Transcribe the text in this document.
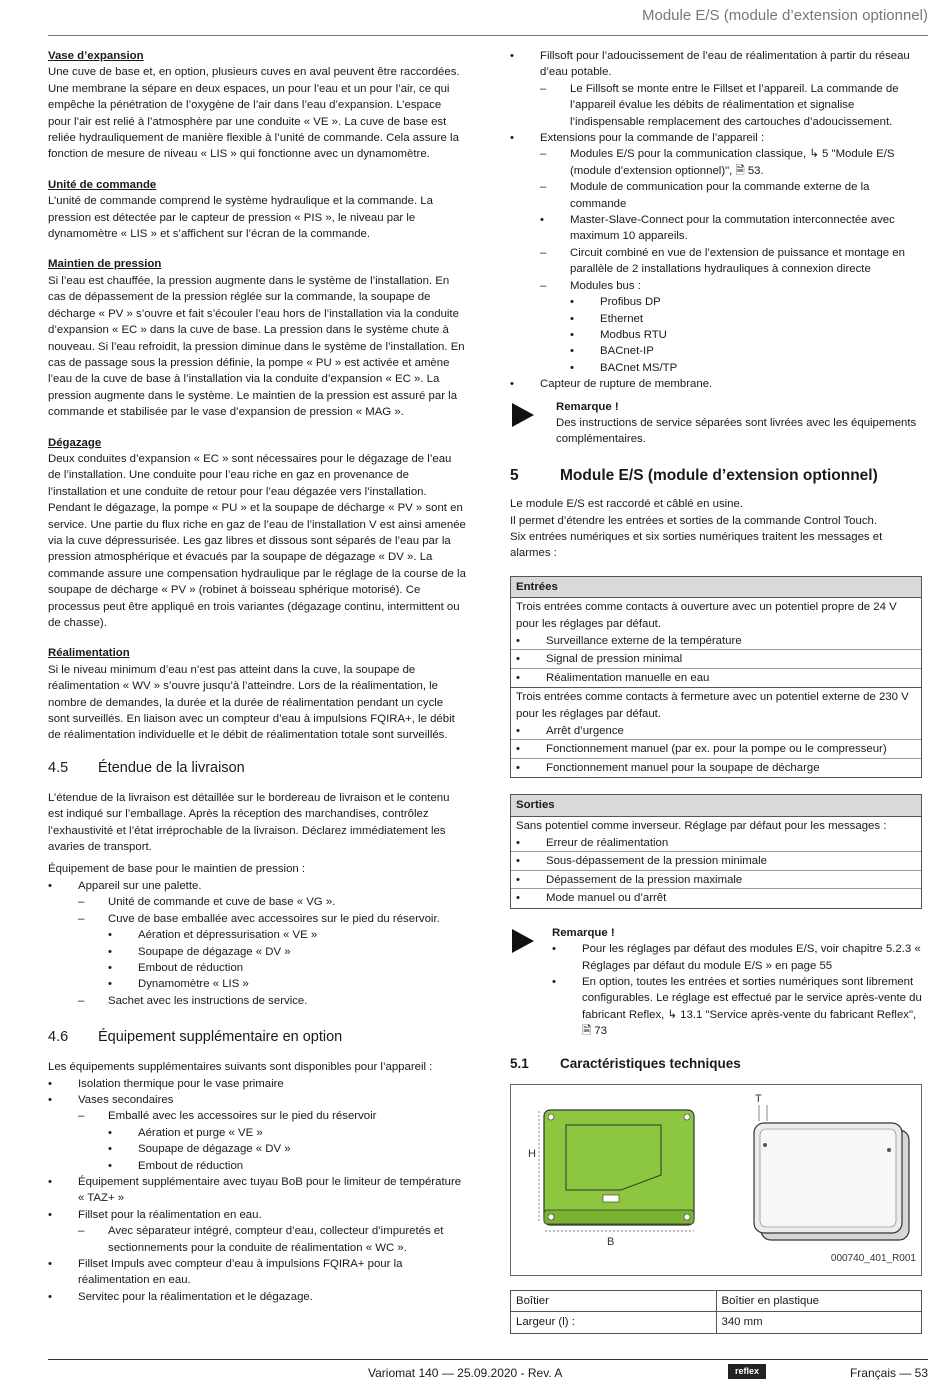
Module E/S (module d’extension optionnel)
Vase d’expansion
Une cuve de base et, en option, plusieurs cuves en aval peuvent être raccordées. Une membrane la sépare en deux espaces, un pour l’eau et un pour l’air, ce qui empêche la pénétration de l’oxygène de l’air dans l’eau d’expansion. L’espace pour l’air est relié à l’atmosphère par une conduite « VE ». La cuve de base est reliée hydrauliquement de manière flexible à l’unité de commande. Cela assure la fonction de mesure de niveau « LIS » qui fonctionne avec un dynamomètre.
Unité de commande
L’unité de commande comprend le système hydraulique et la commande. La pression est détectée par le capteur de pression « PIS », le niveau par le dynamomètre « LIS » et s’affichent sur l’écran de la commande.
Maintien de pression
Si l’eau est chauffée, la pression augmente dans le système de l’installation. En cas de dépassement de la pression réglée sur la commande, la soupape de décharge « PV » s’ouvre et fait s’écouler l’eau hors de l’installation via la conduite d’expansion « EC » dans la cuve de base. La pression dans le système chute à nouveau. Si l’eau refroidit, la pression diminue dans le système de l’installation. En cas de passage sous la pression définie, la pompe « PU » est activée et amène l’eau de la cuve de base à l’installation via la conduite d’expansion « EC ». La pression augmente dans le système. Le maintien de la pression est assuré par la commande et stabilisée par le vase d’expansion de pression « MAG ».
Dégazage
Deux conduites d’expansion « EC » sont nécessaires pour le dégazage de l’eau de l’installation. Une conduite pour l’eau riche en gaz en provenance de l’installation et une conduite de retour pour l’eau dégazée vers l’installation. Pendant le dégazage, la pompe « PU » et la soupape de décharge « PV » sont en service. Une partie du flux riche en gaz de l’eau de l’installation V est ainsi amenée via la cuve dépressurisée. Les gaz libres et dissous sont séparés de l’eau par la pression atmosphérique et évacués par la soupape de dégazage « DV ». La commande assure une compensation hydraulique par le réglage de la course de la soupape de décharge « PV » (robinet à boisseau sphérique motorisé). Ce processus peut être appliqué en trois variantes (dégazage continu, intermittent ou de chasse).
Réalimentation
Si le niveau minimum d’eau n’est pas atteint dans la cuve, la soupape de réalimentation « WV » s’ouvre jusqu’à l’atteindre. Lors de la réalimentation, le nombre de demandes, la durée et la durée de réalimentation pendant un cycle sont surveillés. En liaison avec un compteur d’eau à impulsions FQIRA+, le débit de réalimentation individuelle et le débit de réalimentation totale sont surveillés.
4.5	Étendue de la livraison
L’étendue de la livraison est détaillée sur le bordereau de livraison et le contenu est indiqué sur l’emballage. Après la réception des marchandises, contrôlez l’exhaustivité et l’état irréprochable de la livraison. Déclarez immédiatement les avaries de transport.
Équipement de base pour le maintien de pression :
• Appareil sur une palette.
– Unité de commande et cuve de base « VG ».
– Cuve de base emballée avec accessoires sur le pied du réservoir.
• Aération et dépressurisation « VE »
• Soupape de dégazage « DV »
• Embout de réduction
• Dynamomètre « LIS »
– Sachet avec les instructions de service.
4.6	Équipement supplémentaire en option
Les équipements supplémentaires suivants sont disponibles pour l’appareil :
• Isolation thermique pour le vase primaire
• Vases secondaires
– Emballé avec les accessoires sur le pied du réservoir
• Aération et purge « VE »
• Soupape de dégazage « DV »
• Embout de réduction
• Équipement supplémentaire avec tuyau BoB pour le limiteur de température « TAZ+ »
• Fillset pour la réalimentation en eau.
– Avec séparateur intégré, compteur d’eau, collecteur d’impuretés et sectionnements pour la conduite de réalimentation « WC ».
• Fillset Impuls avec compteur d’eau à impulsions FQIRA+ pour la réalimentation en eau.
• Servitec pour la réalimentation et le dégazage.
• Fillsoft pour l’adoucissement de l’eau de réalimentation à partir du réseau d’eau potable.
– Le Fillsoft se monte entre le Fillset et l’appareil. La commande de l’appareil évalue les débits de réalimentation et signalise l’indispensable remplacement des cartouches d’adoucissement.
• Extensions pour la commande de l’appareil :
– Modules E/S pour la communication classique, ↳ 5 "Module E/S (module d’extension optionnel)", 🗎 53.
– Module de communication pour la commande externe de la commande
• Master-Slave-Connect pour la commutation interconnectée avec maximum 10 appareils.
– Circuit combiné en vue de l’extension de puissance et montage en parallèle de 2 installations hydrauliques à connexion directe
– Modules bus :
• Profibus DP
• Ethernet
• Modbus RTU
• BACnet-IP
• BACnet MS/TP
• Capteur de rupture de membrane.
Remarque !
Des instructions de service séparées sont livrées avec les équipements complémentaires.
5	Module E/S (module d’extension optionnel)
Le module E/S est raccordé et câblé en usine.
Il permet d’étendre les entrées et sorties de la commande Control Touch.
Six entrées numériques et six sorties numériques traitent les messages et alarmes :
Entrées

Trois entrées comme contacts à ouverture avec un potentiel propre de 24 V pour les réglages par défaut.
• Surveillance externe de la température
• Signal de pression minimal
• Réalimentation manuelle en eau

Trois entrées comme contacts à fermeture avec un potentiel externe de 230 V pour les réglages par défaut.
• Arrêt d’urgence
• Fonctionnement manuel (par ex. pour la pompe ou le compresseur)
• Fonctionnement manuel pour la soupape de décharge
Sorties

Sans potentiel comme inverseur. Réglage par défaut pour les messages :
• Erreur de réalimentation
• Sous-dépassement de la pression minimale
• Dépassement de la pression maximale
• Mode manuel ou d’arrêt
Remarque !
• Pour les réglages par défaut des modules E/S, voir chapitre 5.2.3 « Réglages par défaut du module E/S » en page 55
• En option, toutes les entrées et sorties numériques sont librement configurables. Le réglage est effectué par le service après-vente du fabricant Reflex, ↳ 13.1 "Service après-vente du fabricant Reflex", 🗎 73
5.1	Caractéristiques techniques
H
B
T
000740_401_R001
Boîtier	Boîtier en plastique
Largeur (l) :	340 mm
Variomat 140 — 25.09.2020 - Rev. A	reflex	Français — 53
